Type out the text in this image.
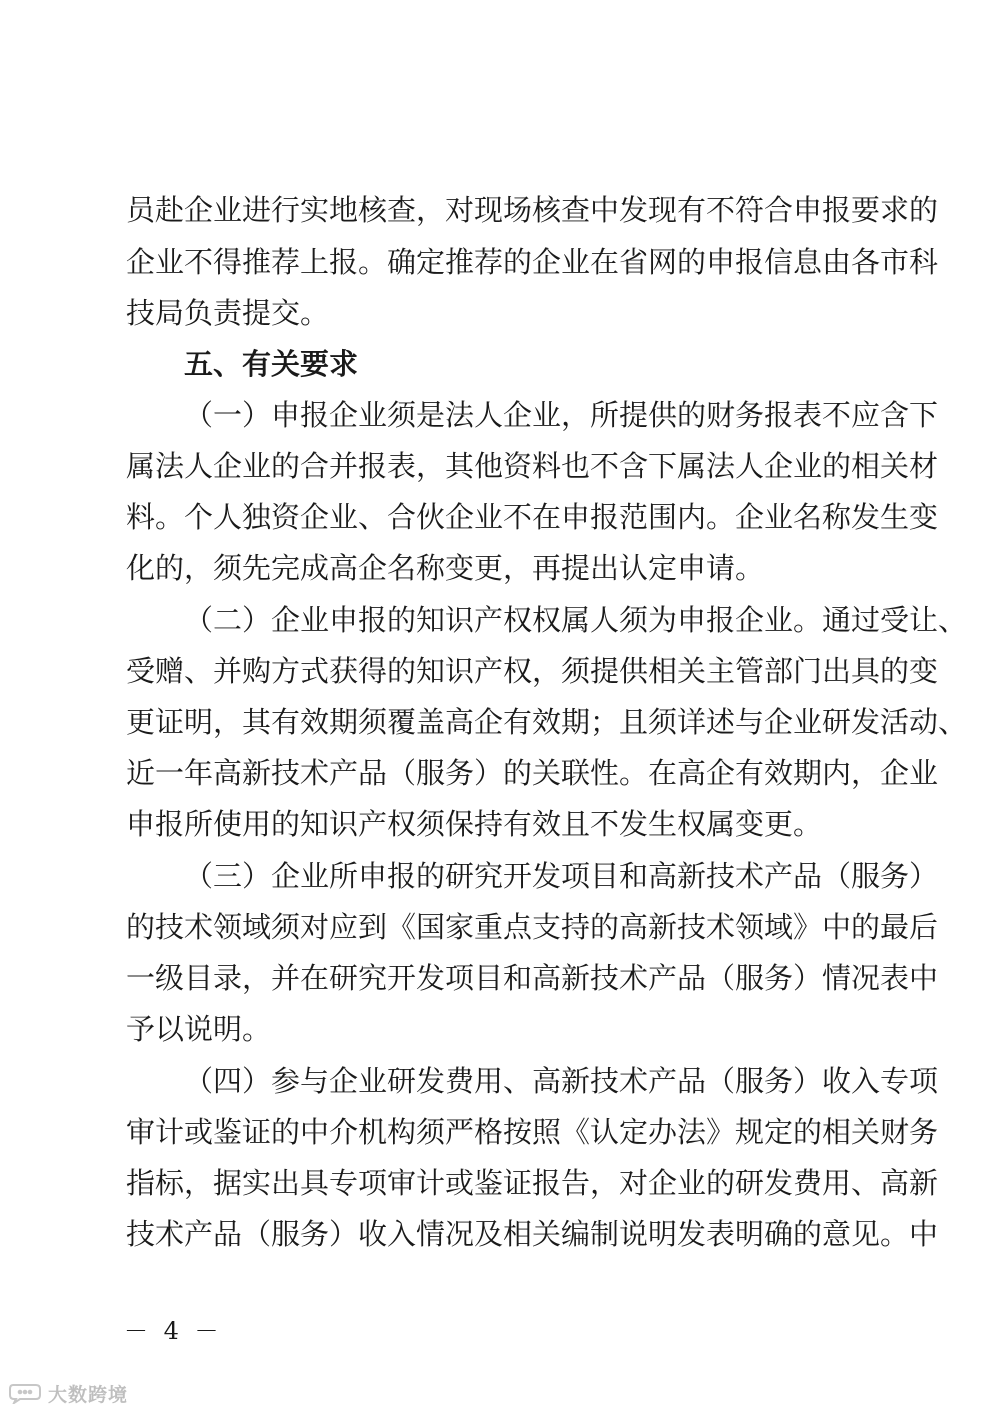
员赴企业进行实地核查，对现场核查中发现有不符合申报要求的
企业不得推荐上报。确定推荐的企业在省网的申报信息由各市科
技局负责提交。
五、有关要求
（一）申报企业须是法人企业，所提供的财务报表不应含下
属法人企业的合并报表，其他资料也不含下属法人企业的相关材
料。个人独资企业、合伙企业不在申报范围内。企业名称发生变
化的，须先完成高企名称变更，再提出认定申请。
（二）企业申报的知识产权权属人须为申报企业。通过受让、
受赠、并购方式获得的知识产权，须提供相关主管部门出具的变
更证明，其有效期须覆盖高企有效期；且须详述与企业研发活动、
近一年高新技术产品（服务）的关联性。在高企有效期内，企业
申报所使用的知识产权须保持有效且不发生权属变更。
（三）企业所申报的研究开发项目和高新技术产品（服务）
的技术领域须对应到《国家重点支持的高新技术领域》中的最后
一级目录，并在研究开发项目和高新技术产品（服务）情况表中
予以说明。
（四）参与企业研发费用、高新技术产品（服务）收入专项
审计或鉴证的中介机构须严格按照《认定办法》规定的相关财务
指标，据实出具专项审计或鉴证报告，对企业的研发费用、高新
技术产品（服务）收入情况及相关编制说明发表明确的意见。中
－ 4 －
大数跨境
